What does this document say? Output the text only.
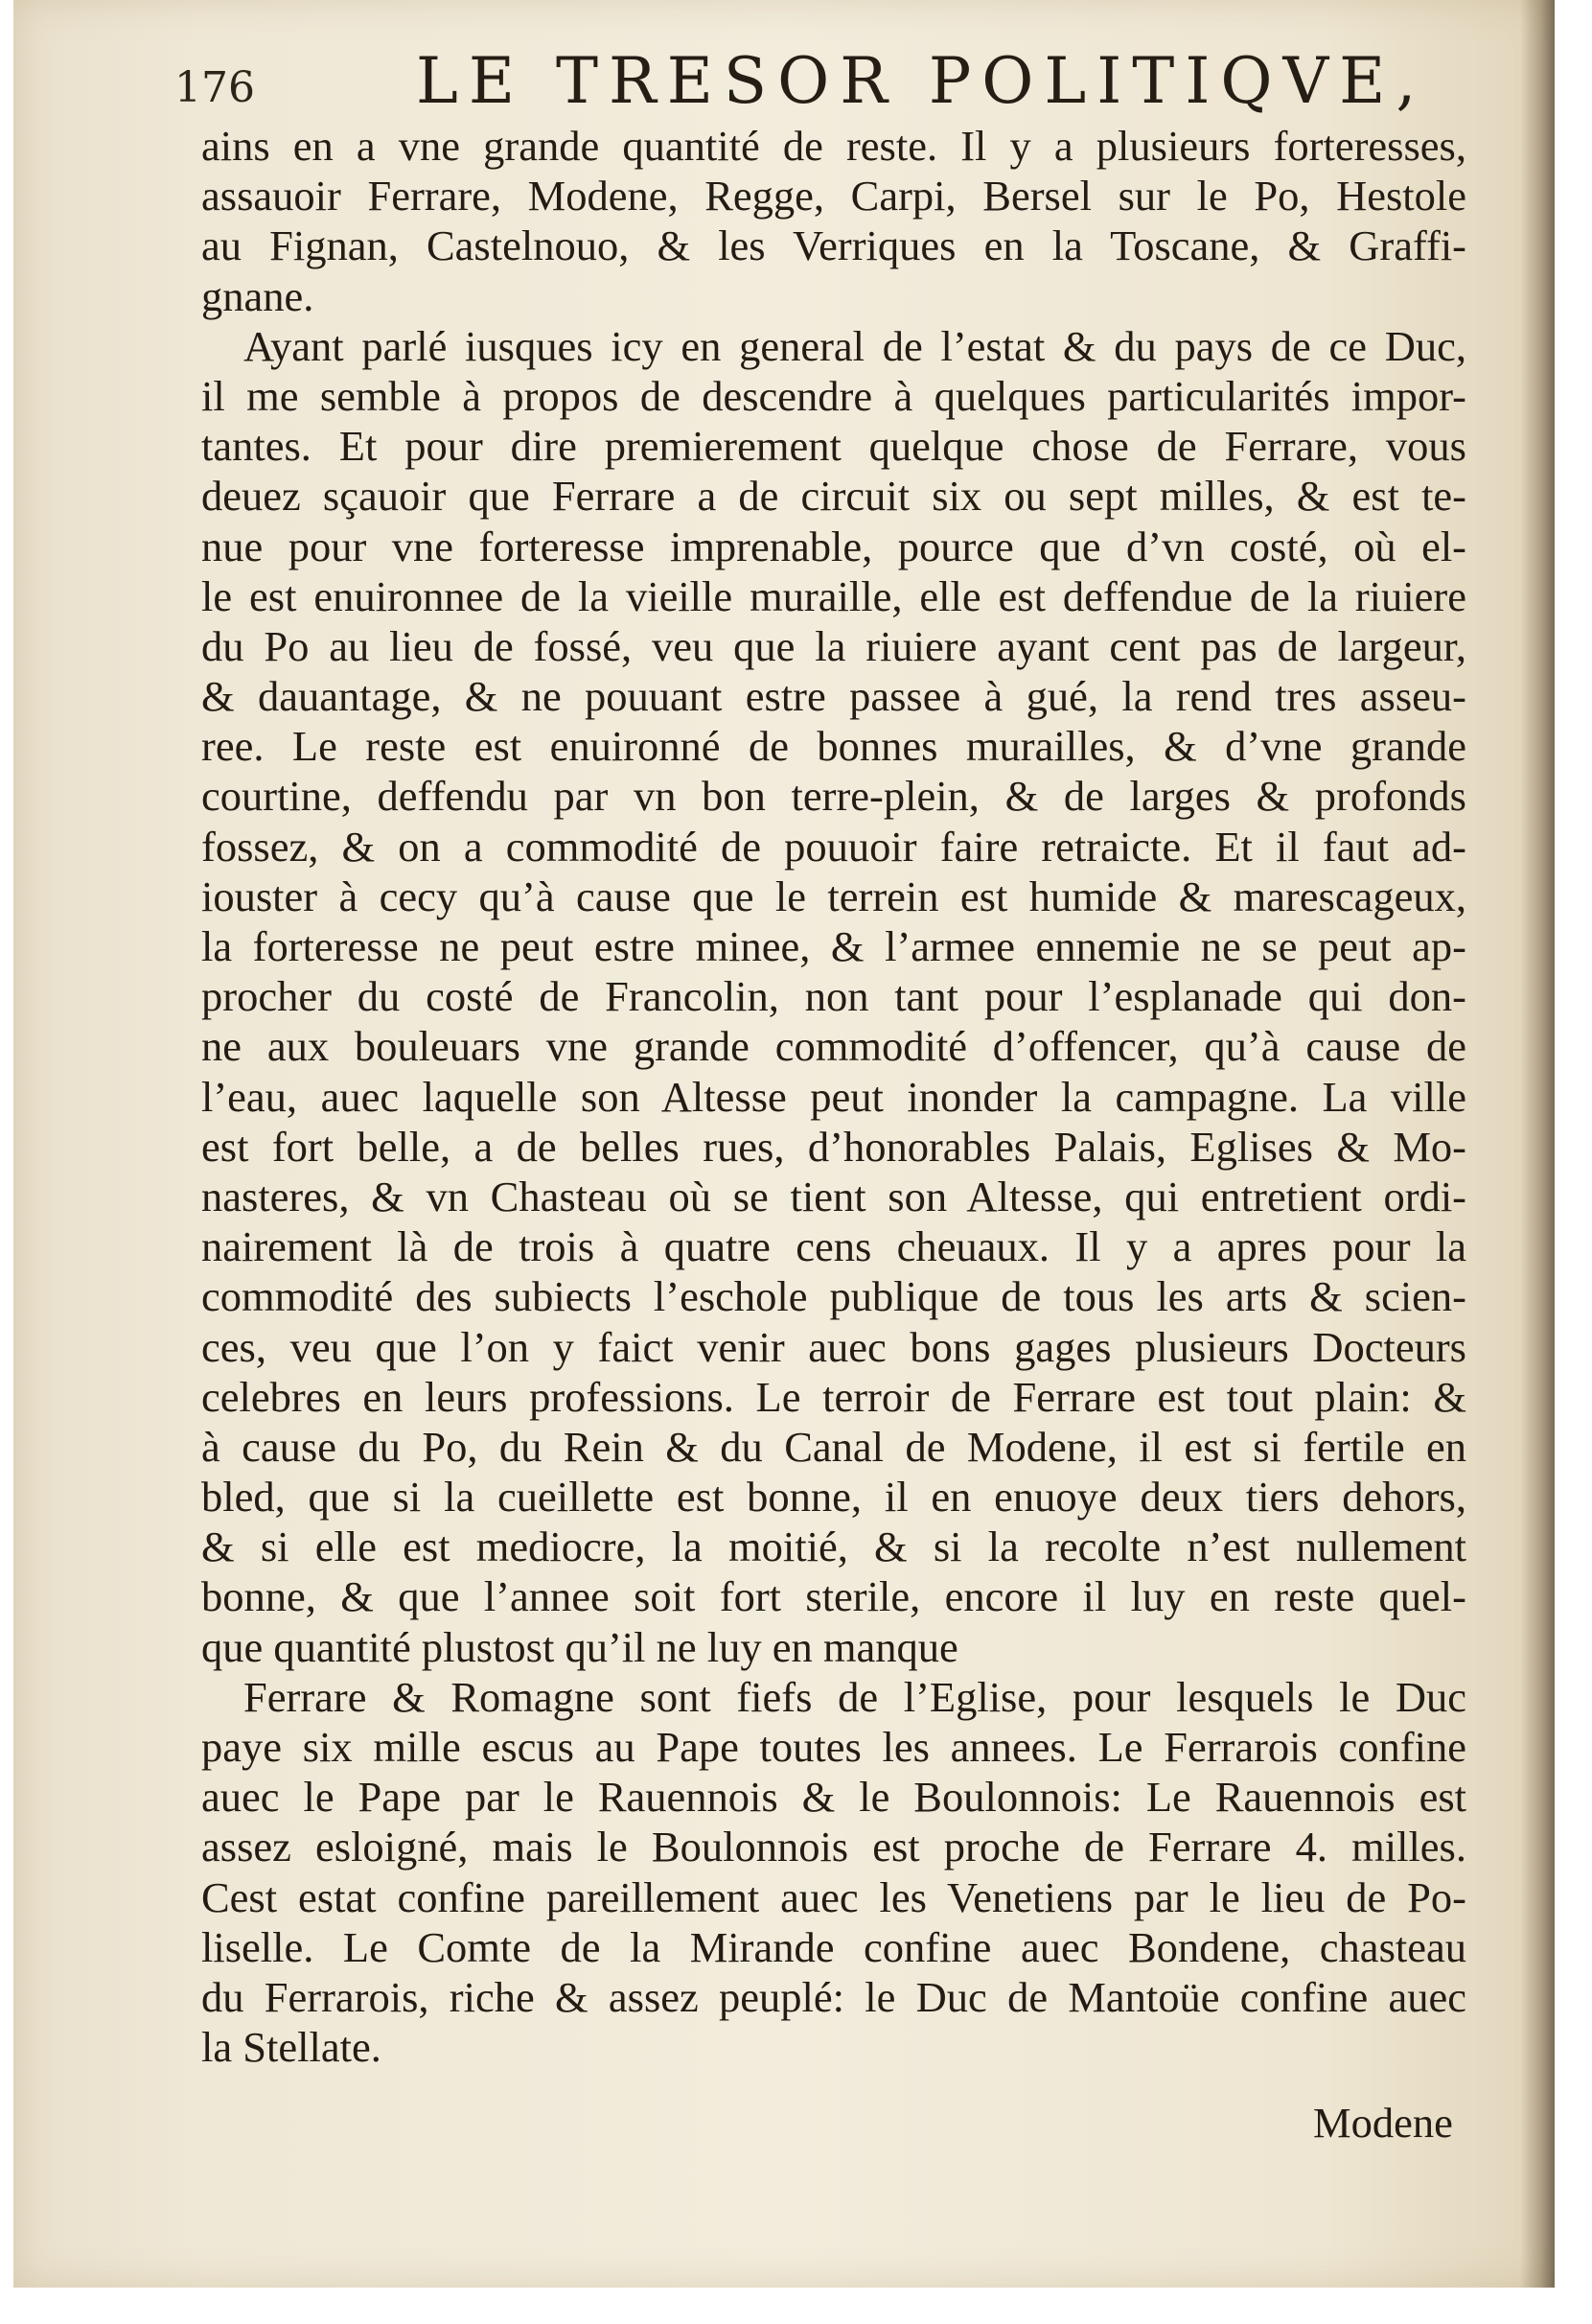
176	LE TRESOR POLITIQVE,
ains en a vne grande quantité de reste. Il y a plusieurs forteresses,
assauoir Ferrare, Modene, Regge, Carpi, Bersel sur le Po, Hestole
au Fignan, Castelnouo, & les Verriques en la Toscane, & Graffi-
gnane.
Ayant parlé iusques icy en general de l’estat & du pays de ce Duc,
il me semble à propos de descendre à quelques particularités impor-
tantes. Et pour dire premierement quelque chose de Ferrare, vous
deuez sçauoir que Ferrare a de circuit six ou sept milles, & est te-
nue pour vne forteresse imprenable, pource que d’vn costé, où el-
le est enuironnee de la vieille muraille, elle est deffendue de la riuiere
du Po au lieu de fossé, veu que la riuiere ayant cent pas de largeur,
& dauantage, & ne pouuant estre passee à gué, la rend tres asseu-
ree. Le reste est enuironné de bonnes murailles, & d’vne grande
courtine, deffendu par vn bon terre-plein, & de larges & profonds
fossez, & on a commodité de pouuoir faire retraicte. Et il faut ad-
iouster à cecy qu’à cause que le terrein est humide & marescageux,
la forteresse ne peut estre minee, & l’armee ennemie ne se peut ap-
procher du costé de Francolin, non tant pour l’esplanade qui don-
ne aux bouleuars vne grande commodité d’offencer, qu’à cause de
l’eau, auec laquelle son Altesse peut inonder la campagne. La ville
est fort belle, a de belles rues, d’honorables Palais, Eglises & Mo-
nasteres, & vn Chasteau où se tient son Altesse, qui entretient ordi-
nairement là de trois à quatre cens cheuaux. Il y a apres pour la
commodité des subiects l’eschole publique de tous les arts & scien-
ces, veu que l’on y faict venir auec bons gages plusieurs Docteurs
celebres en leurs professions. Le terroir de Ferrare est tout plain: &
à cause du Po, du Rein & du Canal de Modene, il est si fertile en
bled, que si la cueillette est bonne, il en enuoye deux tiers dehors,
& si elle est mediocre, la moitié, & si la recolte n’est nullement
bonne, & que l’annee soit fort sterile, encore il luy en reste quel-
que quantité plustost qu’il ne luy en manque
Ferrare & Romagne sont fiefs de l’Eglise, pour lesquels le Duc
paye six mille escus au Pape toutes les annees. Le Ferrarois confine
auec le Pape par le Rauennois & le Boulonnois: Le Rauennois est
assez esloigné, mais le Boulonnois est proche de Ferrare 4. milles.
Cest estat confine pareillement auec les Venetiens par le lieu de Po-
liselle. Le Comte de la Mirande confine auec Bondene, chasteau
du Ferrarois, riche & assez peuplé: le Duc de Mantoüe confine auec
la Stellate.
Modene
